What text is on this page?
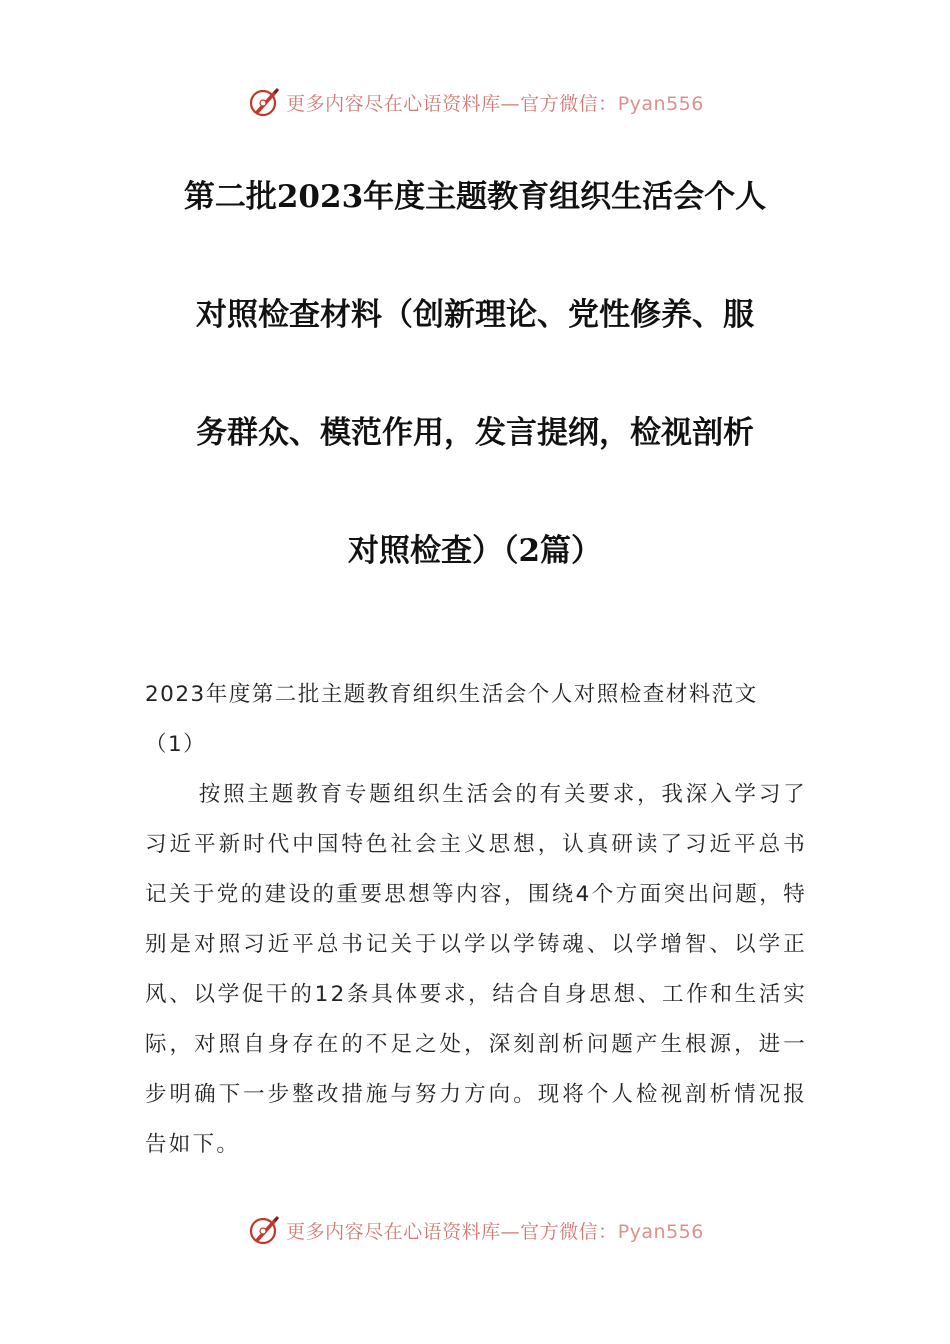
更多内容尽在心语资料库—官方微信：Pyan556
第二批2023年度主题教育组织生活会个人
对照检查材料（创新理论、党性修养、服
务群众、模范作用，发言提纲，检视剖析
对照检查）（2篇）
2023年度第二批主题教育组织生活会个人对照检查材料范文（1）
按照主题教育专题组织生活会的有关要求，我深入学习了习近平新时代中国特色社会主义思想，认真研读了习近平总书记关于党的建设的重要思想等内容，围绕4个方面突出问题，特别是对照习近平总书记关于以学以学铸魂、以学增智、以学正风、以学促干的12条具体要求，结合自身思想、工作和生活实际，对照自身存在的不足之处，深刻剖析问题产生根源，进一步明确下一步整改措施与努力方向。现将个人检视剖析情况报告如下。
更多内容尽在心语资料库—官方微信：Pyan556
